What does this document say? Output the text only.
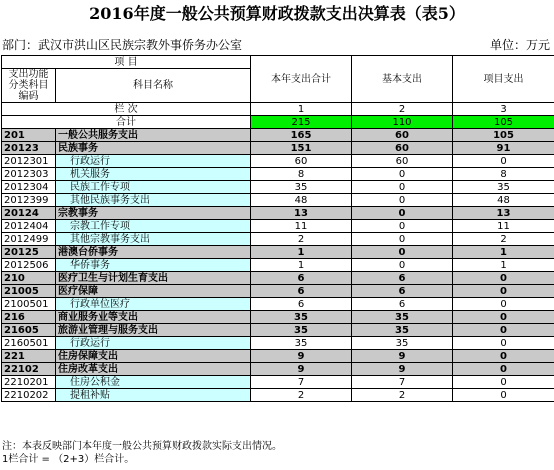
2016年度一般公共预算财政拨款支出决算表（表5）
部门：武汉市洪山区民族宗教外事侨务办公室	单位：万元
项 目		本年支出合计	基本支出	项目支出
支出功能分类科目编码	科目名称			

栏 次		1	2	3
合计		215	110	105
201	一般公共服务支出	165	60	105
20123	民族事务	151	60	91
2012301	行政运行	60	60	0
2012303	机关服务	8	0	8
2012304	民族工作专项	35	0	35
2012399	其他民族事务支出	48	0	48
20124	宗教事务	13	0	13
2012404	宗教工作专项	11	0	11
2012499	其他宗教事务支出	2	0	2
20125	港澳台侨事务	1	0	1
2012506	华侨事务	1	0	1
210	医疗卫生与计划生育支出	6	6	0
21005	医疗保障	6	6	0
2100501	行政单位医疗	6	6	0
216	商业服务业等支出	35	35	0
21605	旅游业管理与服务支出	35	35	0
2160501	行政运行	35	35	0
221	住房保障支出	9	9	0
22102	住房改革支出	9	9	0
2210201	住房公积金	7	7	0
2210202	提租补贴	2	2	0
注：本表反映部门本年度一般公共预算财政拨款实际支出情况。
1栏合计 = （2+3）栏合计。
